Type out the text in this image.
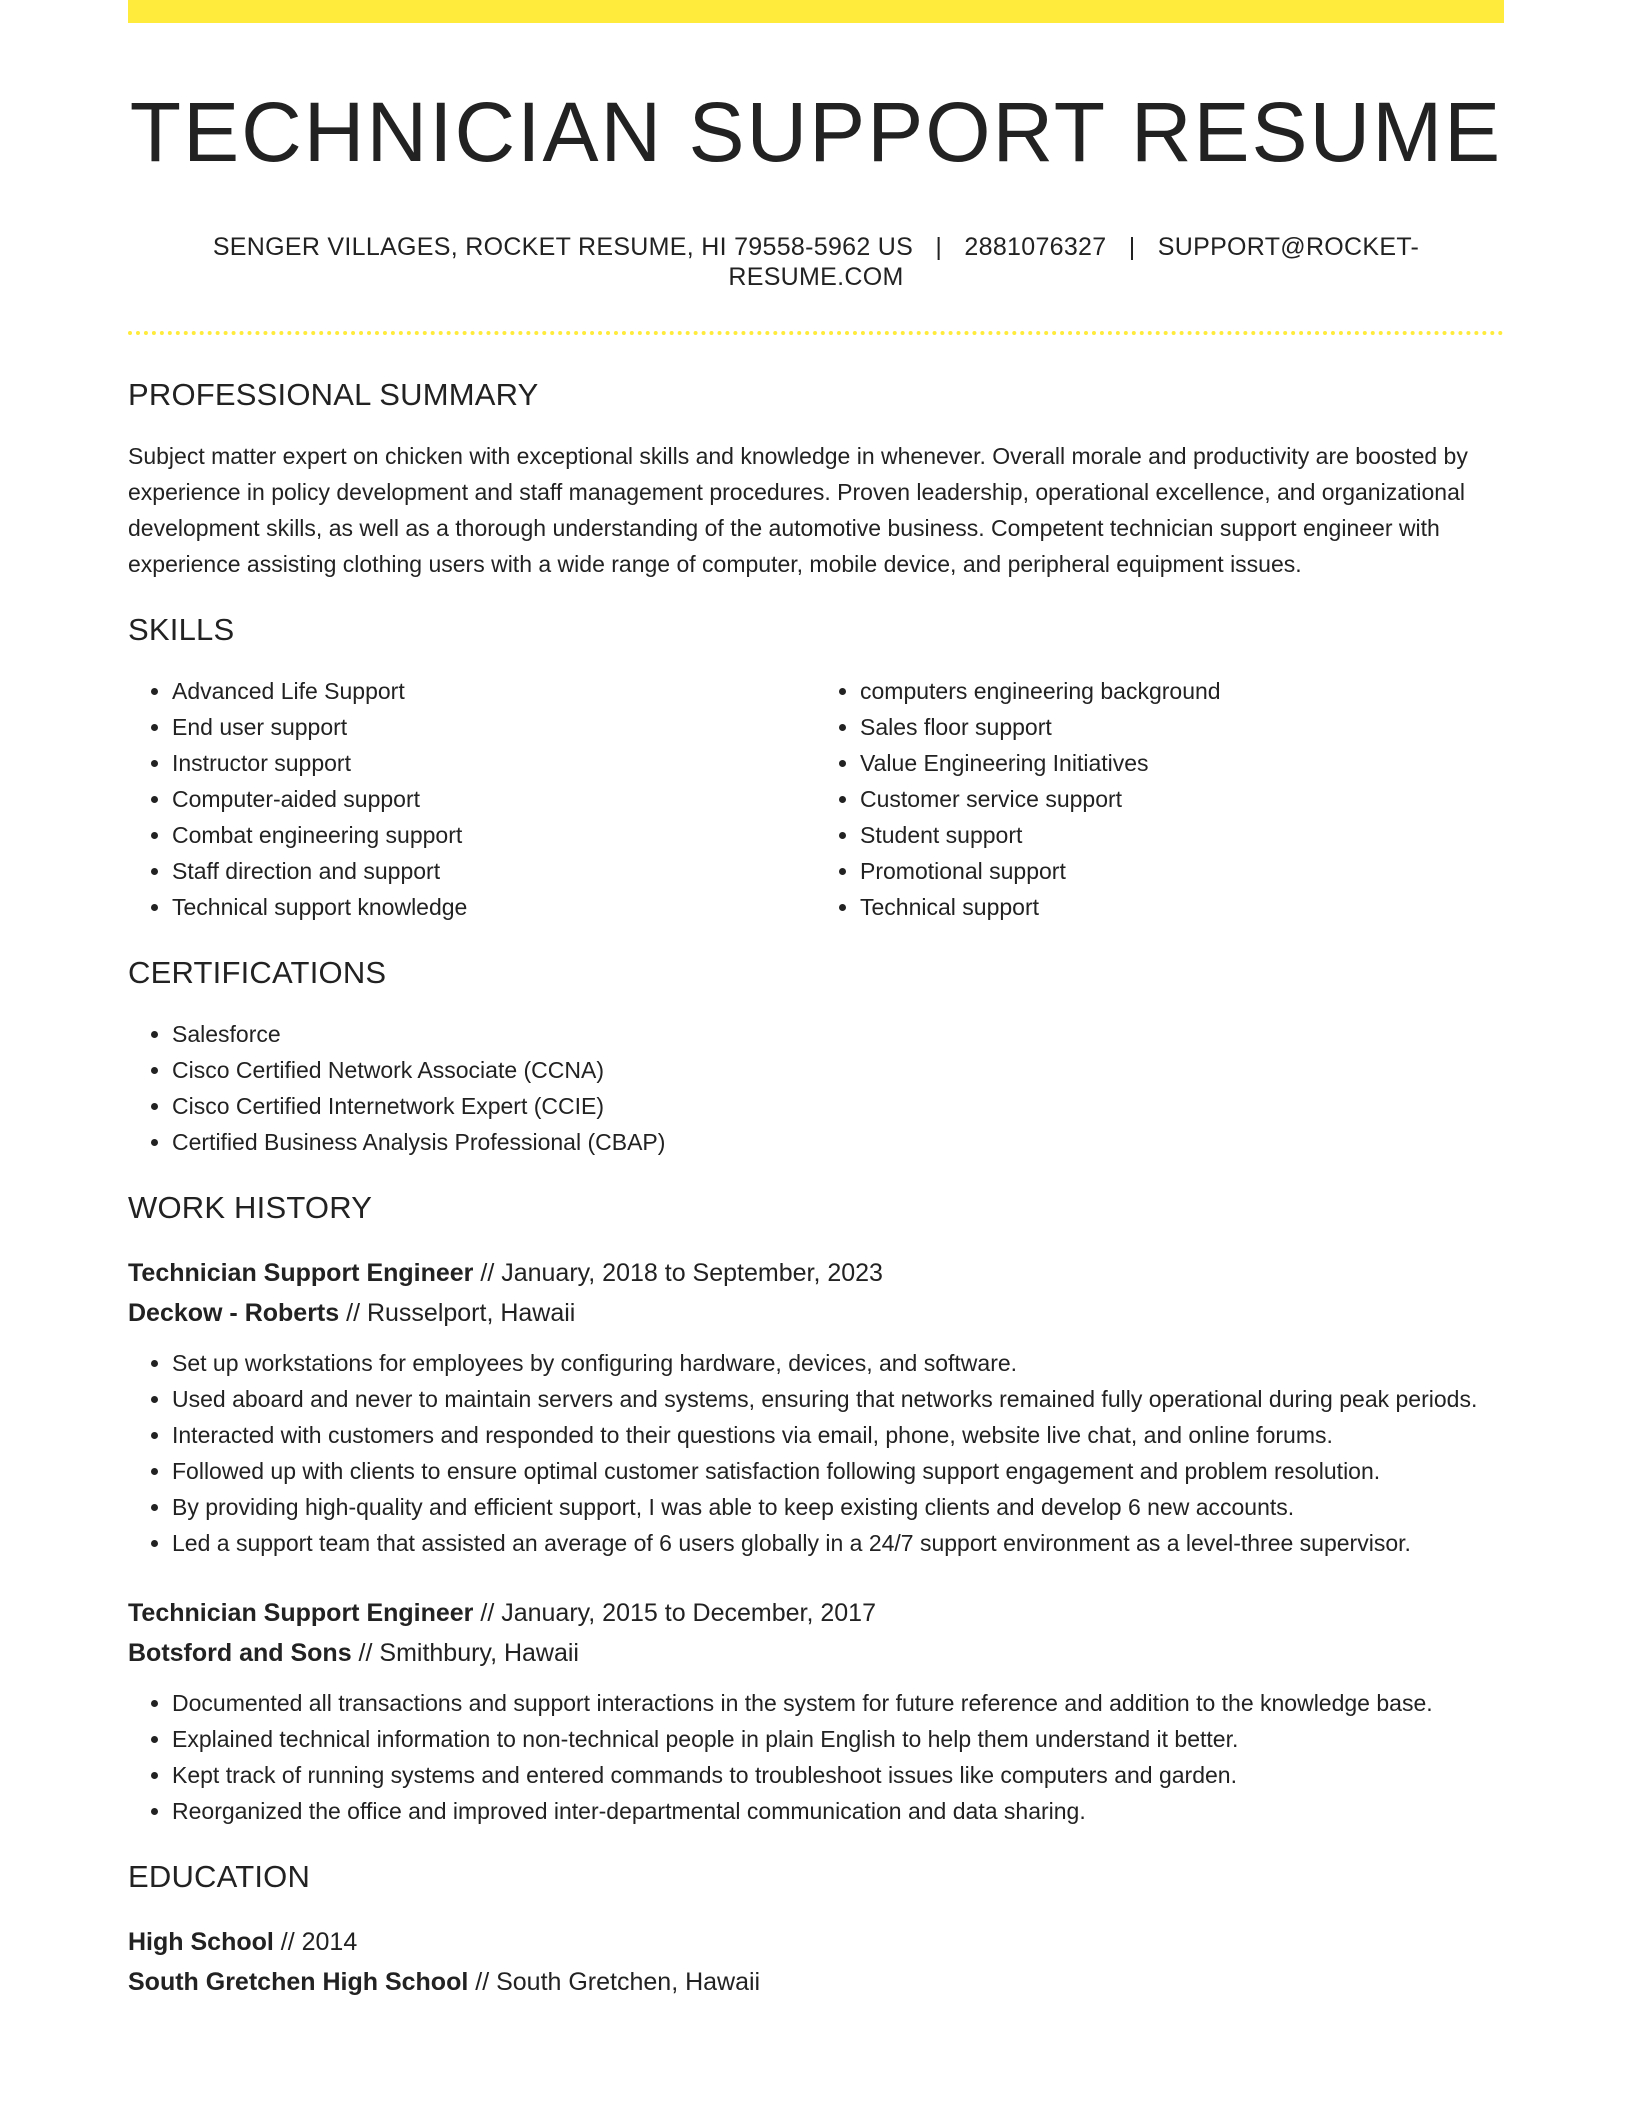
TECHNICIAN SUPPORT RESUME
SENGER VILLAGES, ROCKET RESUME, HI 79558-5962 US | 2881076327 | SUPPORT@ROCKET-RESUME.COM
PROFESSIONAL SUMMARY

Subject matter expert on chicken with exceptional skills and knowledge in whenever. Overall morale and productivity are boosted by experience in policy development and staff management procedures. Proven leadership, operational excellence, and organizational development skills, as well as a thorough understanding of the automotive business. Competent technician support engineer with experience assisting clothing users with a wide range of computer, mobile device, and peripheral equipment issues.

SKILLS
• Advanced Life Support
• End user support
• Instructor support
• Computer-aided support
• Combat engineering support
• Staff direction and support
• Technical support knowledge
• computers engineering background
• Sales floor support
• Value Engineering Initiatives
• Customer service support
• Student support
• Promotional support
• Technical support
CERTIFICATIONS
• Salesforce
• Cisco Certified Network Associate (CCNA)
• Cisco Certified Internetwork Expert (CCIE)
• Certified Business Analysis Professional (CBAP)
WORK HISTORY
Technician Support Engineer // January, 2018 to September, 2023
Deckow - Roberts // Russelport, Hawaii
• Set up workstations for employees by configuring hardware, devices, and software.
• Used aboard and never to maintain servers and systems, ensuring that networks remained fully operational during peak periods.
• Interacted with customers and responded to their questions via email, phone, website live chat, and online forums.
• Followed up with clients to ensure optimal customer satisfaction following support engagement and problem resolution.
• By providing high-quality and efficient support, I was able to keep existing clients and develop 6 new accounts.
• Led a support team that assisted an average of 6 users globally in a 24/7 support environment as a level-three supervisor.
Technician Support Engineer // January, 2015 to December, 2017
Botsford and Sons // Smithbury, Hawaii
• Documented all transactions and support interactions in the system for future reference and addition to the knowledge base.
• Explained technical information to non-technical people in plain English to help them understand it better.
• Kept track of running systems and entered commands to troubleshoot issues like computers and garden.
• Reorganized the office and improved inter-departmental communication and data sharing.
EDUCATION
High School // 2014
South Gretchen High School // South Gretchen, Hawaii
